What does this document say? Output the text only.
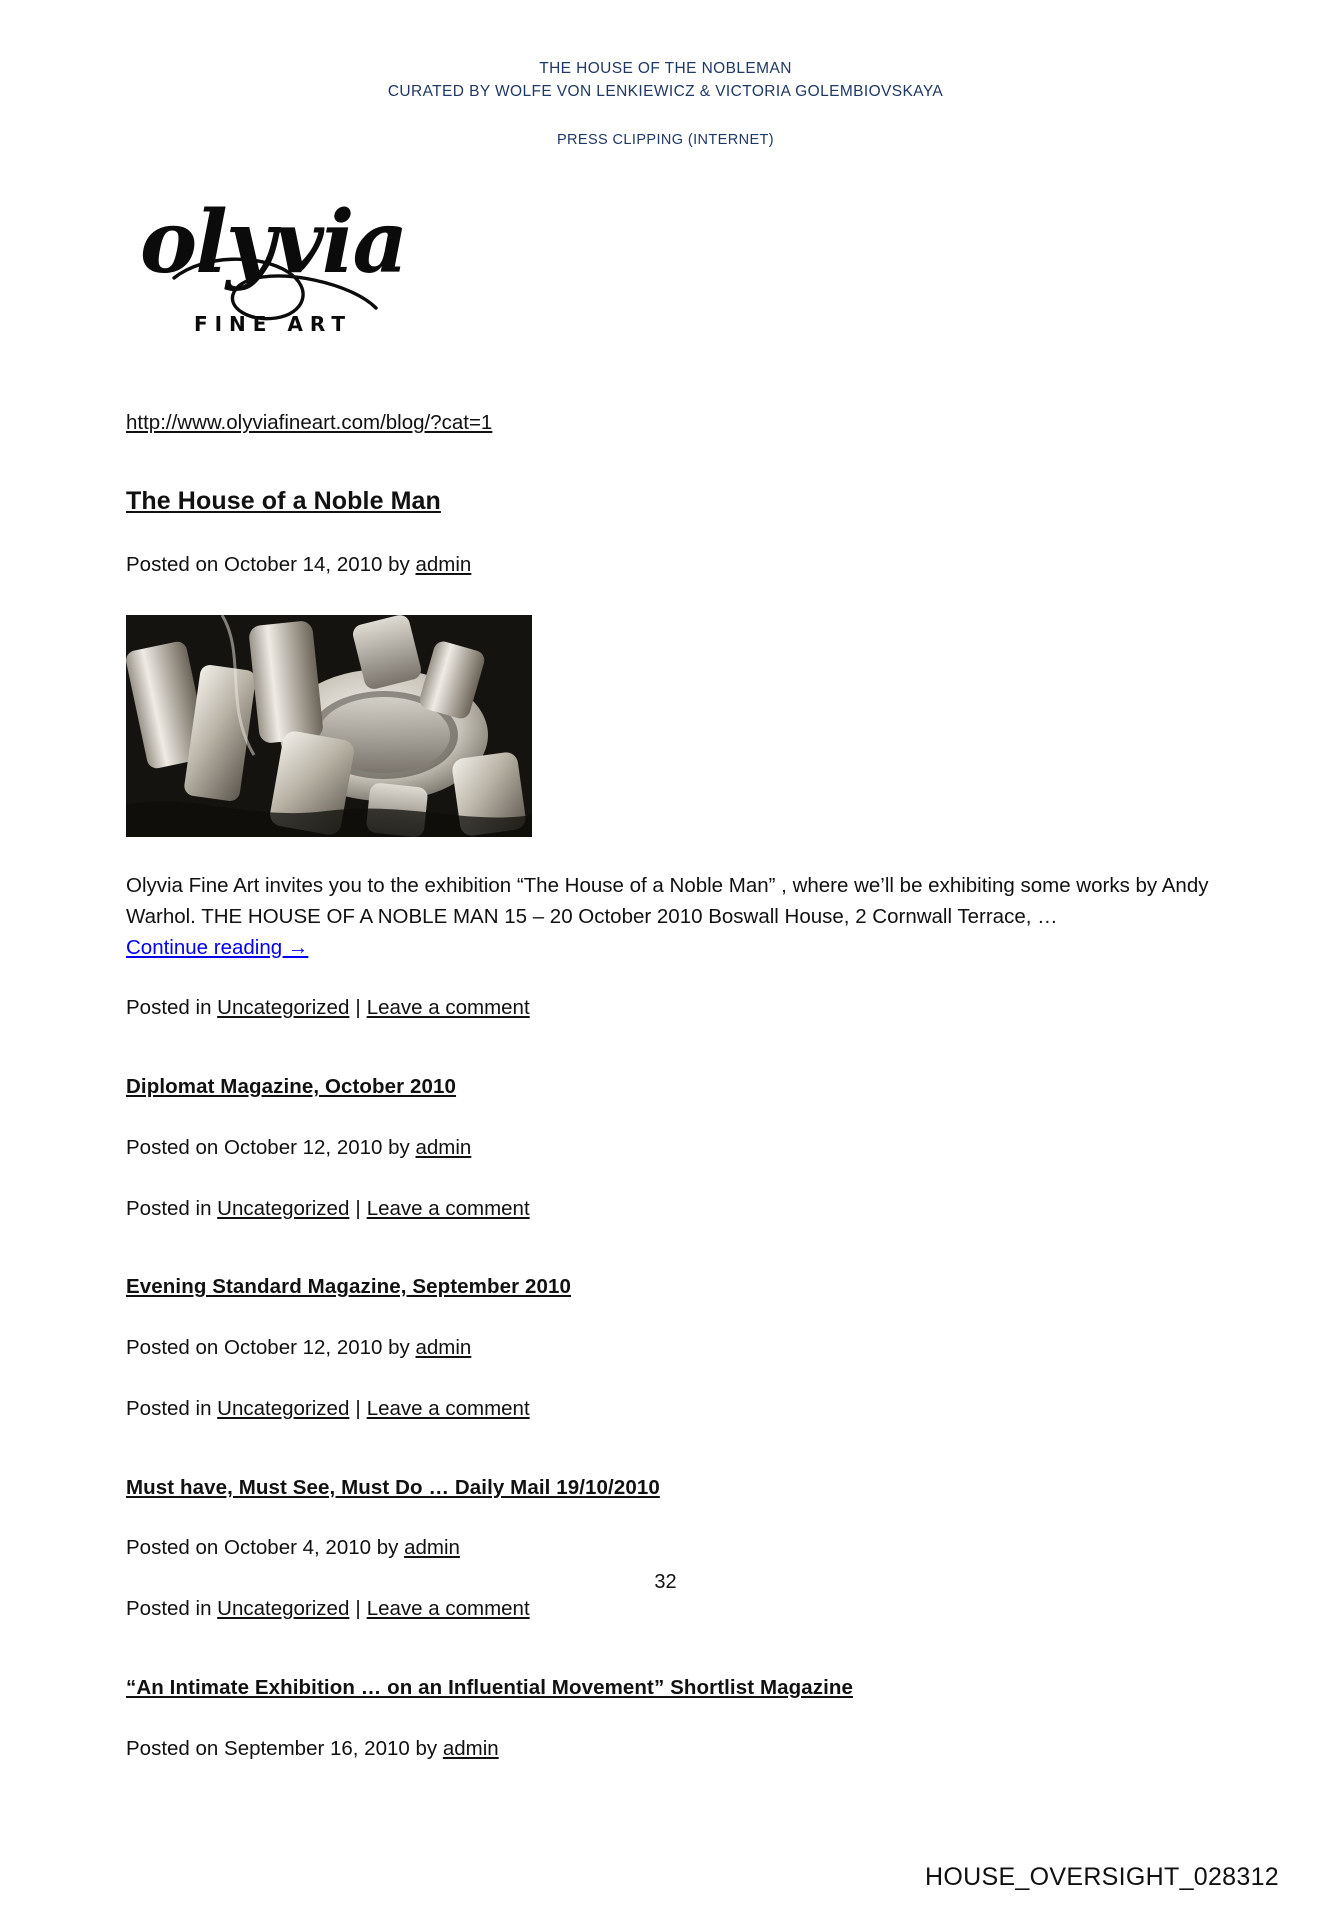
THE HOUSE OF THE NOBLEMAN
CURATED BY WOLFE VON LENKIEWICZ & VICTORIA GOLEMBIOVSKAYA
PRESS CLIPPING (INTERNET)
olyvia
FINE ART
http://www.olyviafineart.com/blog/?cat=1
The House of a Noble Man
Posted on October 14, 2010 by admin
Olyvia Fine Art invites you to the exhibition “The House of a Noble Man” , where we’ll be exhibiting some works by Andy Warhol. THE HOUSE OF A NOBLE MAN 15 – 20 October 2010 Boswall House, 2 Cornwall Terrace, …
Continue reading →
Posted in Uncategorized | Leave a comment
Diplomat Magazine, October 2010
Posted on October 12, 2010 by admin
Posted in Uncategorized | Leave a comment
Evening Standard Magazine, September 2010
Posted on October 12, 2010 by admin
Posted in Uncategorized | Leave a comment
Must have, Must See, Must Do … Daily Mail 19/10/2010
Posted on October 4, 2010 by admin
Posted in Uncategorized | Leave a comment
“An Intimate Exhibition … on an Influential Movement” Shortlist Magazine
Posted on September 16, 2010 by admin
32
HOUSE_OVERSIGHT_028312
